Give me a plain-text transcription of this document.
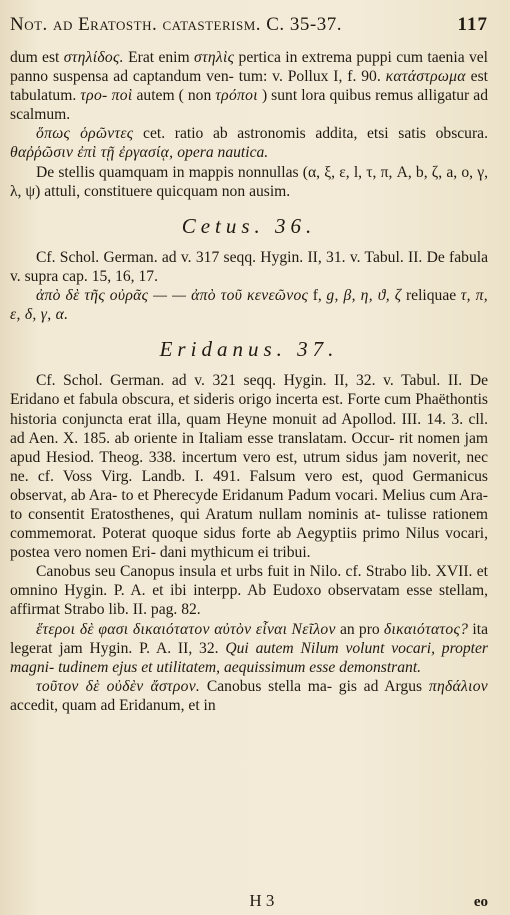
Not. ad Eratosth. catasterism. C. 35-37.	117

dum est στηλίδος. Erat enim στηλὶς pertica in extrema puppi cum taenia vel panno suspensa ad captandum ven- tum: v. Pollux I, f. 90. κατάστρωμα est tabulatum. τρο- ποὶ autem ( non τρόποι ) sunt lora quibus remus alligatur ad scalmum.

ὅπως ὁρῶντες cet. ratio ab astronomis addita, etsi satis obscura. θαῤῥῶσιν ἐπὶ τῇ ἐργασίᾳ, opera nautica.

De stellis quamquam in mappis nonnullas (α, ξ, ε, l, τ, π, A, b, ζ, a, ο, γ, λ, ψ) attuli, constituere quicquam non ausim.

Cetus. 36.

Cf. Schol. German. ad v. 317 seqq. Hygin. II, 31. v. Tabul. II. De fabula v. supra cap. 15, 16, 17.

ἀπὸ δὲ τῆς οὐρᾶς — — ἀπὸ τοῦ κενεῶνος f, g, β, η, ϑ, ζ reliquae τ, π, ε, δ, γ, α.

Eridanus. 37.

Cf. Schol. German. ad v. 321 seqq. Hygin. II, 32. v. Tabul. II. De Eridano et fabula obscura, et sideris origo incerta est. Forte cum Phaëthontis historia conjuncta erat illa, quam Heyne monuit ad Apollod. III. 14. 3. cll. ad Aen. X. 185. ab oriente in Italiam esse translatam. Occur- rit nomen jam apud Hesiod. Theog. 338. incertum vero est, utrum sidus jam noverit, nec ne. cf. Voss Virg. Landb. I. 491. Falsum vero est, quod Germanicus observat, ab Ara- to et Pherecyde Eridanum Padum vocari. Melius cum Ara- to consentit Eratosthenes, qui Aratum nullam nominis at- tulisse rationem commemorat. Poterat quoque sidus forte ab Aegyptiis primo Nilus vocari, postea vero nomen Eri- dani mythicum ei tribui.

Canobus seu Canopus insula et urbs fuit in Nilo. cf. Strabo lib. XVII. et omnino Hygin. P. A. et ibi interpp. Ab Eudoxo observatam esse stellam, affirmat Strabo lib. II. pag. 82.

ἕτεροι δὲ φασι δικαιότατον αὐτὸν εἶναι Νεῖλον an pro δικαιότατος? ita legerat jam Hygin. P. A. II, 32. Qui autem Nilum volunt vocari, propter magni- tudinem ejus et utilitatem, aequissimum esse demonstrant.

τοῦτον δὲ οὐδὲν ἄστρον. Canobus stella ma- gis ad Argus πηδάλιον accedit, quam ad Eridanum, et in

H 3	eo
